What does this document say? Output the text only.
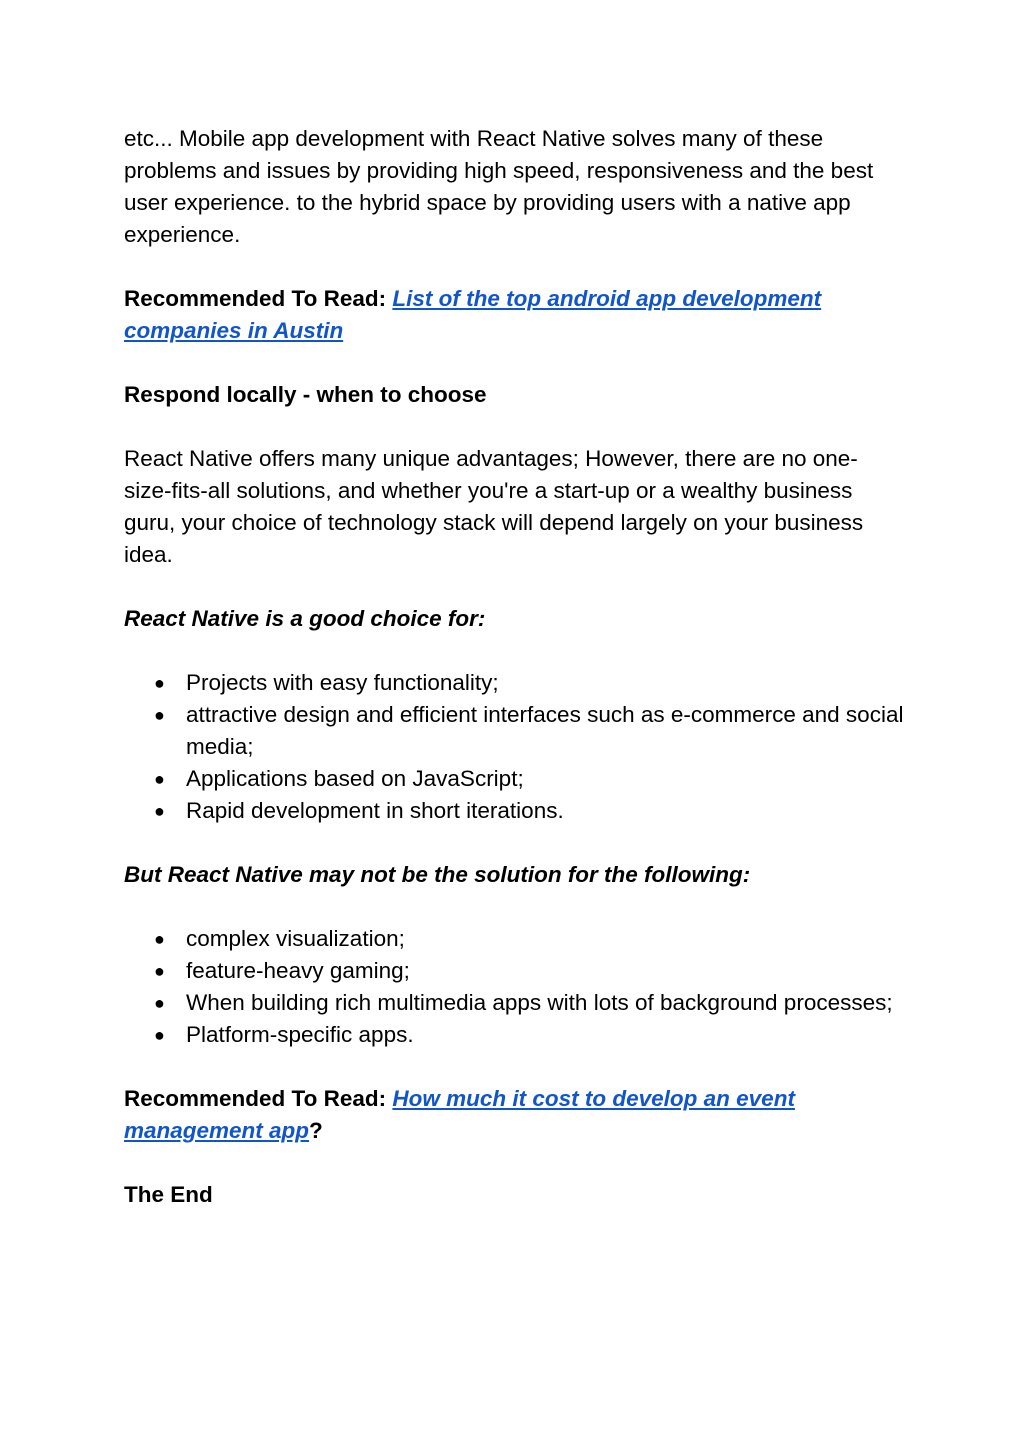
etc... Mobile app development with React Native solves many of these problems and issues by providing high speed, responsiveness and the best user experience. to the hybrid space by providing users with a native app experience.

Recommended To Read: List of the top android app development companies in Austin

Respond locally - when to choose

React Native offers many unique advantages; However, there are no one-size-fits-all solutions, and whether you're a start-up or a wealthy business guru, your choice of technology stack will depend largely on your business idea.

React Native is a good choice for:

● Projects with easy functionality;
● attractive design and efficient interfaces such as e-commerce and social media;
● Applications based on JavaScript;
● Rapid development in short iterations.

But React Native may not be the solution for the following:

● complex visualization;
● feature-heavy gaming;
● When building rich multimedia apps with lots of background processes;
● Platform-specific apps.

Recommended To Read: How much it cost to develop an event management app?

The End
